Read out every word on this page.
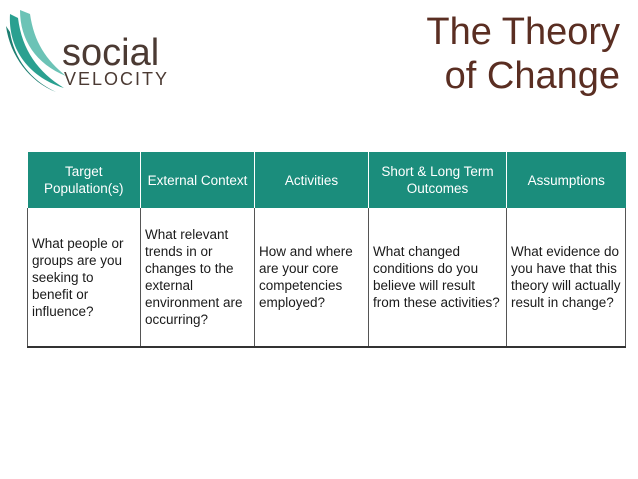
social
VELOCITY
The Theory
of Change
Target Population(s)	External Context	Activities	Short & Long Term Outcomes	Assumptions
What people or groups are you seeking to benefit or influence?	What relevant trends in or changes to the external environment are occurring?	How and where are your core competencies employed?	What changed conditions do you believe will result from these activities?	What evidence do you have that this theory will actually result in change?
